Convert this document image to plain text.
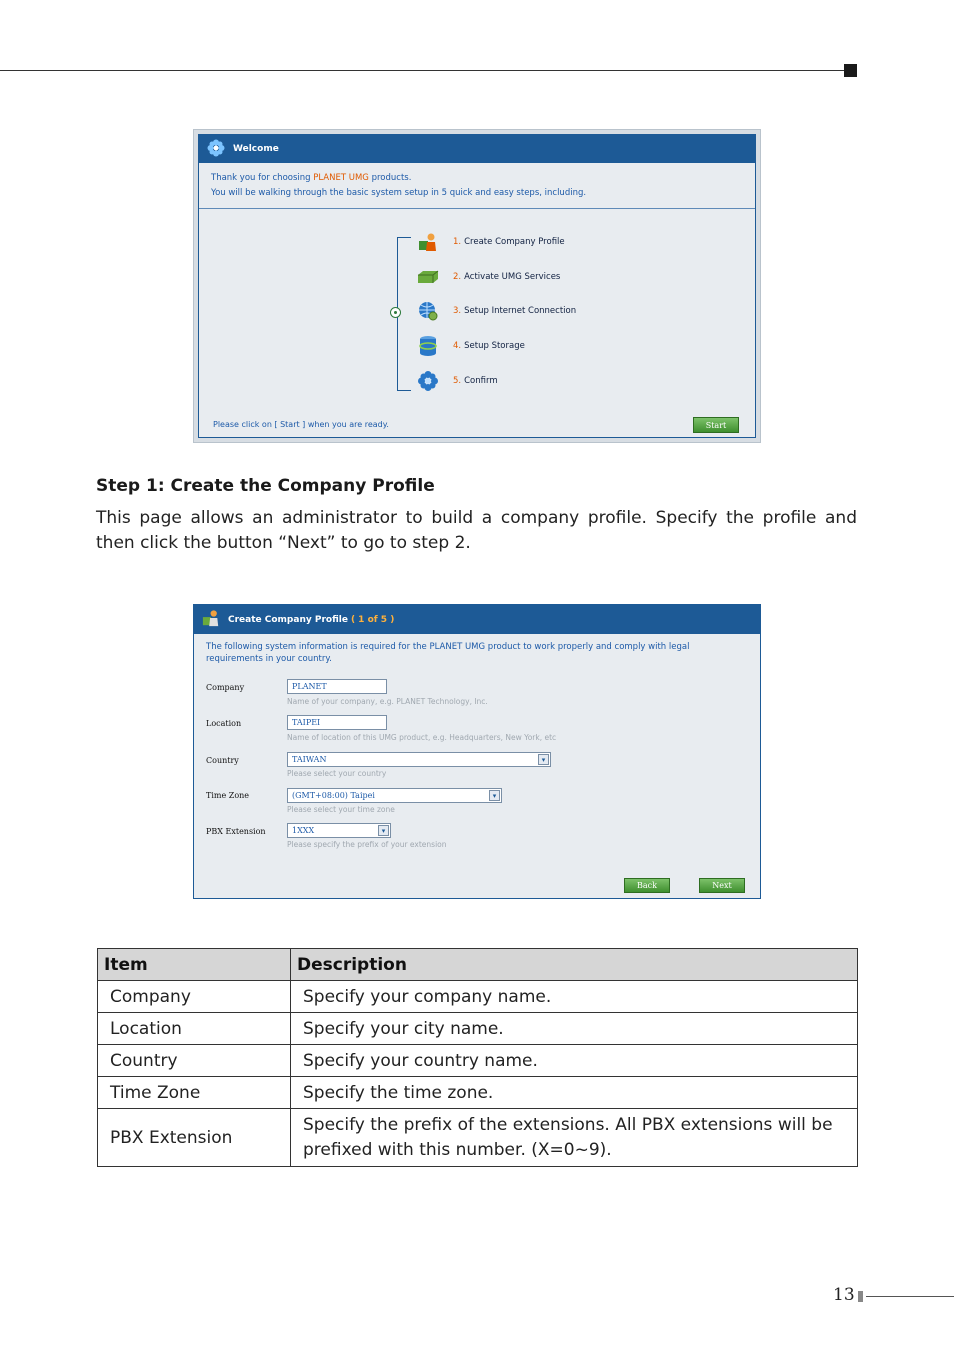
Welcome
Thank you for choosing PLANET UMG products.
You will be walking through the basic system setup in 5 quick and easy steps, including.
1. Create Company Profile
2. Activate UMG Services
3. Setup Internet Connection
4. Setup Storage
5. Confirm
Please click on [ Start ] when you are ready.	Start
Step 1: Create the Company Profile
This page allows an administrator to build a company profile. Specify the profile and then click the button “Next” to go to step 2.
Create Company Profile ( 1 of 5 )
The following system information is required for the PLANET UMG product to work properly and comply with legal requirements in your country.
Company	PLANET
Name of your company, e.g. PLANET Technology, Inc.
Location	TAIPEI
Name of location of this UMG product, e.g. Headquarters, New York, etc
Country	TAIWAN	▾
Please select your country
Time Zone	(GMT+08:00) Taipei	▾
Please select your time zone
PBX Extension	1XXX	▾
Please specify the prefix of your extension
Back	Next
Item	Description
Company	Specify your company name.
Location	Specify your city name.
Country	Specify your country name.
Time Zone	Specify the time zone.
PBX Extension	Specify the prefix of the extensions. All PBX extensions will be prefixed with this number. (X=0~9).
13
